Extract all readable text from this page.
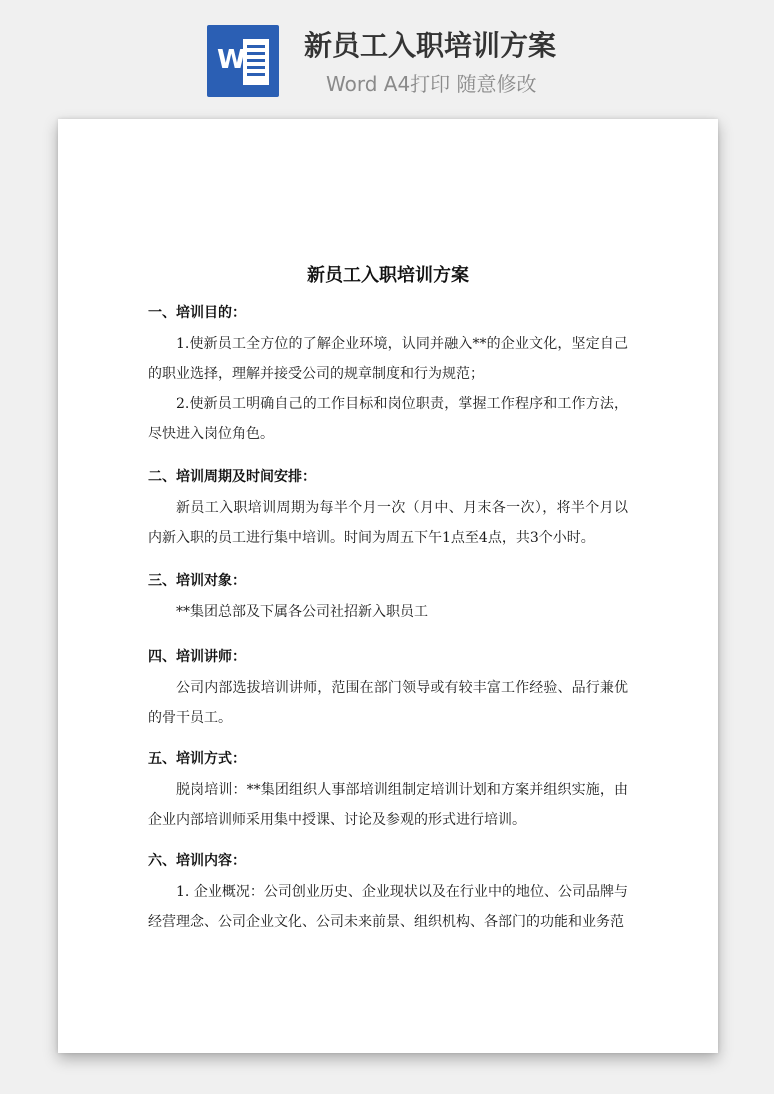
W 新员工入职培训方案
Word A4打印 随意修改
新员工入职培训方案
一、培训目的：
1.使新员工全方位的了解企业环境，认同并融入**的企业文化，坚定自己的职业选择，理解并接受公司的规章制度和行为规范；
2.使新员工明确自己的工作目标和岗位职责，掌握工作程序和工作方法，尽快进入岗位角色。
二、培训周期及时间安排：
新员工入职培训周期为每半个月一次（月中、月末各一次），将半个月以内新入职的员工进行集中培训。时间为周五下午1点至4点，共3个小时。
三、培训对象：
**集团总部及下属各公司社招新入职员工
四、培训讲师：
公司内部选拔培训讲师，范围在部门领导或有较丰富工作经验、品行兼优的骨干员工。
五、培训方式：
脱岗培训：**集团组织人事部培训组制定培训计划和方案并组织实施，由企业内部培训师采用集中授课、讨论及参观的形式进行培训。
六、培训内容：
1. 企业概况：公司创业历史、企业现状以及在行业中的地位、公司品牌与经营理念、公司企业文化、公司未来前景、组织机构、各部门的功能和业务范
